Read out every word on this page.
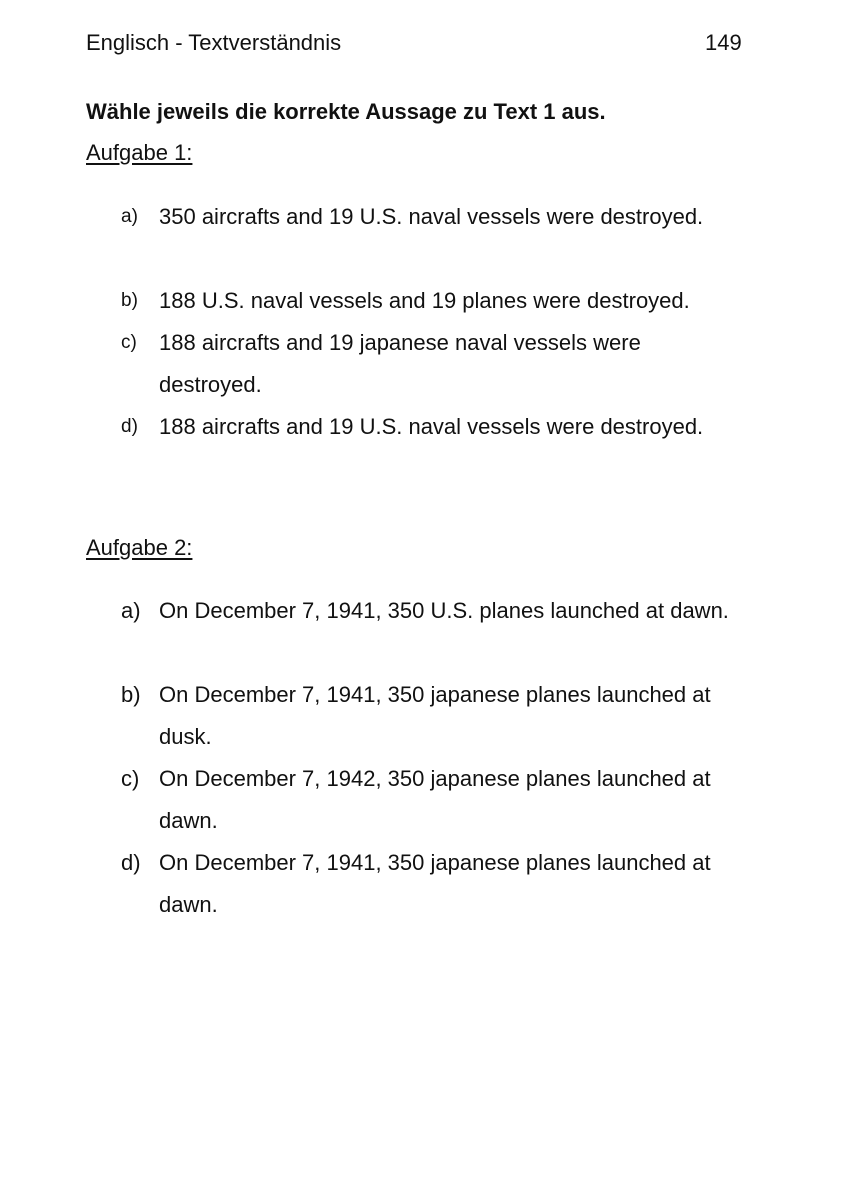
Englisch - Textverständnis	149
Wähle jeweils die korrekte Aussage zu Text 1 aus.
Aufgabe 1:
a) 350 aircrafts and 19 U.S. naval vessels were destroyed.
b) 188 U.S. naval vessels and 19 planes were destroyed.
c)	188 aircrafts and 19 japanese naval vessels were destroyed.
d) 188 aircrafts and 19 U.S. naval vessels were destroyed.
Aufgabe 2:
a) On December 7, 1941, 350 U.S. planes launched at dawn.
b) On December 7, 1941, 350 japanese planes launched at dusk.
c) On December 7, 1942, 350 japanese planes launched at dawn.
d) On December 7, 1941, 350 japanese planes launched at dawn.
